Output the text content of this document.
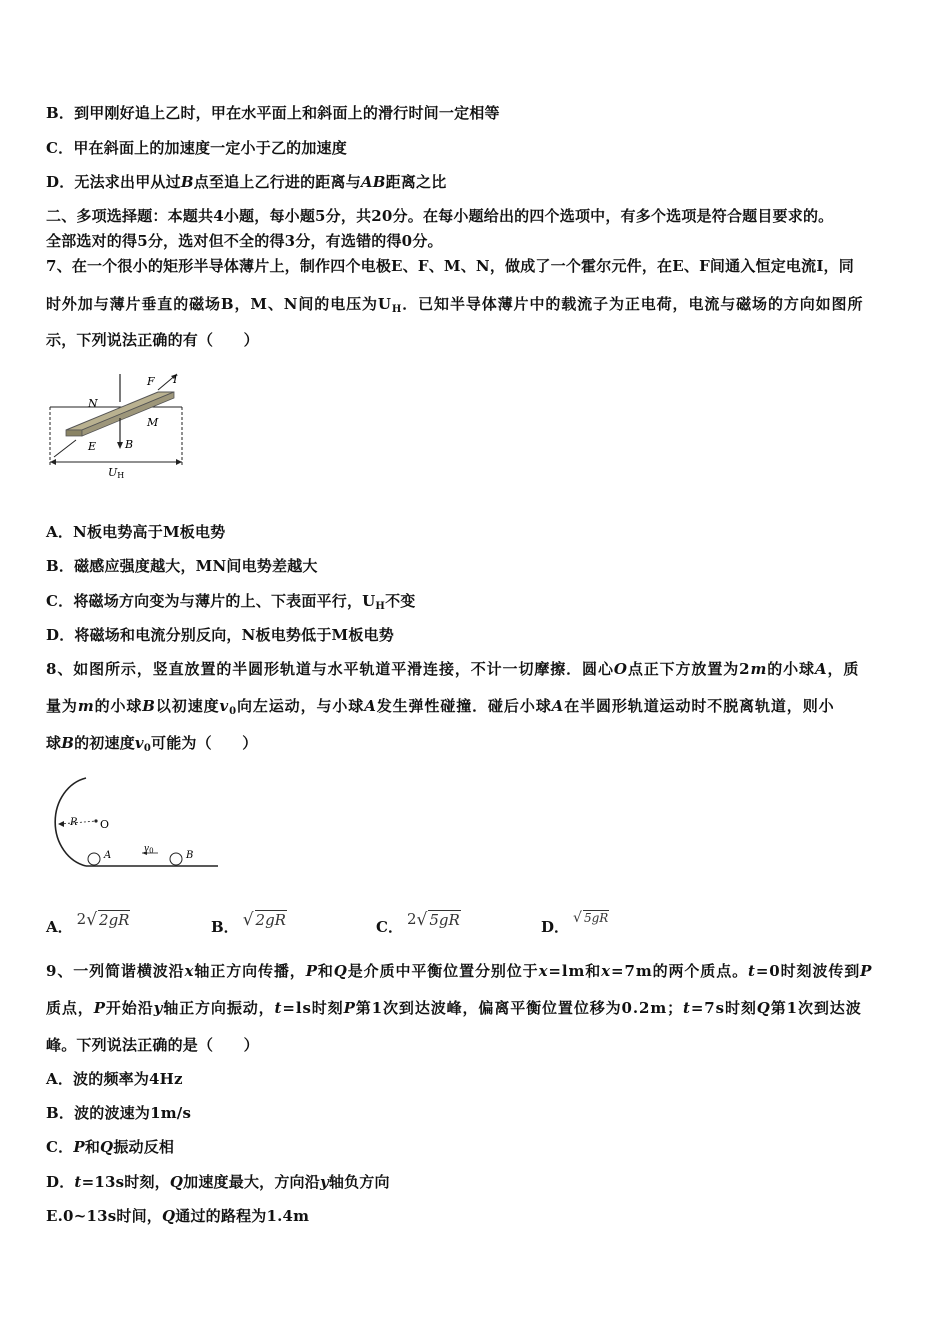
B．到甲刚好追上乙时，甲在水平面上和斜面上的滑行时间一定相等
C．甲在斜面上的加速度一定小于乙的加速度
D．无法求出甲从过B点至追上乙行进的距离与AB距离之比
二、多项选择题：本题共4小题，每小题5分，共20分。在每小题给出的四个选项中，有多个选项是符合题目要求的。
全部选对的得5分，选对但不全的得3分，有选错的得0分。
7、在一个很小的矩形半导体薄片上，制作四个电极E、F、M、N，做成了一个霍尔元件，在E、F间通入恒定电流I，同
时外加与薄片垂直的磁场B，M、N间的电压为$U_H$．已知半导体薄片中的载流子为正电荷，电流与磁场的方向如图所
示，下列说法正确的有（　　）
N
F I
M
E	B
UH
A．N板电势高于M板电势
B．磁感应强度越大，MN间电势差越大
C．将磁场方向变为与薄片的上、下表面平行，$U_H$不变
D．将磁场和电流分别反向，N板电势低于M板电势
8、如图所示，竖直放置的半圆形轨道与水平轨道平滑连接，不计一切摩擦．圆心O点正下方放置为2m的小球A，质
量为m的小球B以初速度$v_0$向左运动，与小球A发生弹性碰撞．碰后小球A在半圆形轨道运动时不脱离轨道，则小
球B的初速度$v_0$可能为（　　）
R O
A
$v_0$	B
A． 2 √ 2gR	B． √ 2gR	C． 2 √ 5gR	D． √ 5gR
9、一列简谐横波沿x轴正方向传播，P和Q是介质中平衡位置分别位于x=lm和x=7m的两个质点。t=0时刻波传到P
质点，P开始沿y轴正方向振动，t=ls时刻P第1次到达波峰，偏离平衡位置位移为0.2m；t=7s时刻Q第1次到达波
峰。下列说法正确的是（　　）
A．波的频率为4Hz
B．波的波速为1m/s
C．P和Q振动反相
D．t=13s时刻，Q加速度最大，方向沿y轴负方向
E.0~13s时间，Q通过的路程为1.4m
